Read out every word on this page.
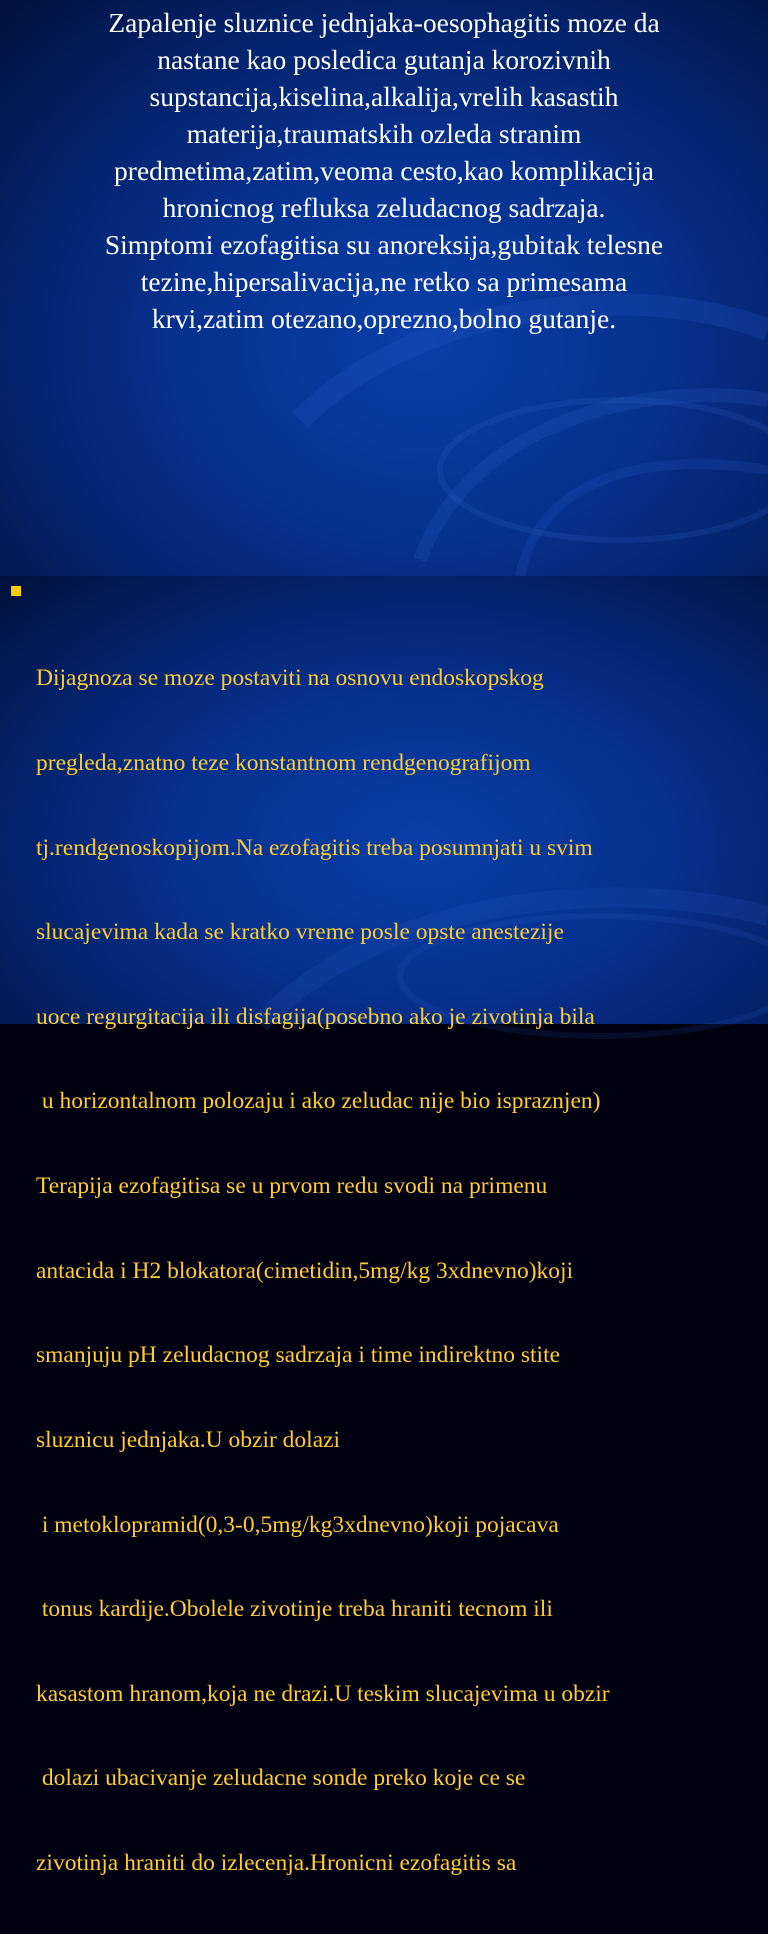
Zapalenje sluznice jednjaka-oesophagitis moze da
nastane kao posledica gutanja korozivnih
supstancija,kiselina,alkalija,vrelih kasastih
materija,traumatskih ozleda stranim
predmetima,zatim,veoma cesto,kao komplikacija
hronicnog refluksa zeludacnog sadrzaja.

Simptomi ezofagitisa su anoreksija,gubitak telesne
tezine,hipersalivacija,ne retko sa primesama
krvi,zatim otezano,oprezno,bolno gutanje.

Dijagnoza se moze postaviti na osnovu endoskopskog

pregleda,znatno teze konstantnom rendgenografijom

tj.rendgenoskopijom.Na ezofagitis treba posumnjati u svim

slucajevima kada se kratko vreme posle opste anestezije

uoce regurgitacija ili disfagija(posebno ako je zivotinja bila

u horizontalnom polozaju i ako zeludac nije bio ispraznjen)

Terapija ezofagitisa se u prvom redu svodi na primenu

antacida i H2 blokatora(cimetidin,5mg/kg 3xdnevno)koji

smanjuju pH zeludacnog sadrzaja i time indirektno stite

sluznicu jednjaka.U obzir dolazi

i metoklopramid(0,3-0,5mg/kg3xdnevno)koji pojacava

tonus kardije.Obolele zivotinje treba hraniti tecnom ili

kasastom hranom,koja ne drazi.U teskim slucajevima u obzir

dolazi ubacivanje zeludacne sonde preko koje ce se

zivotinja hraniti do izlecenja.Hronicni ezofagitis sa
